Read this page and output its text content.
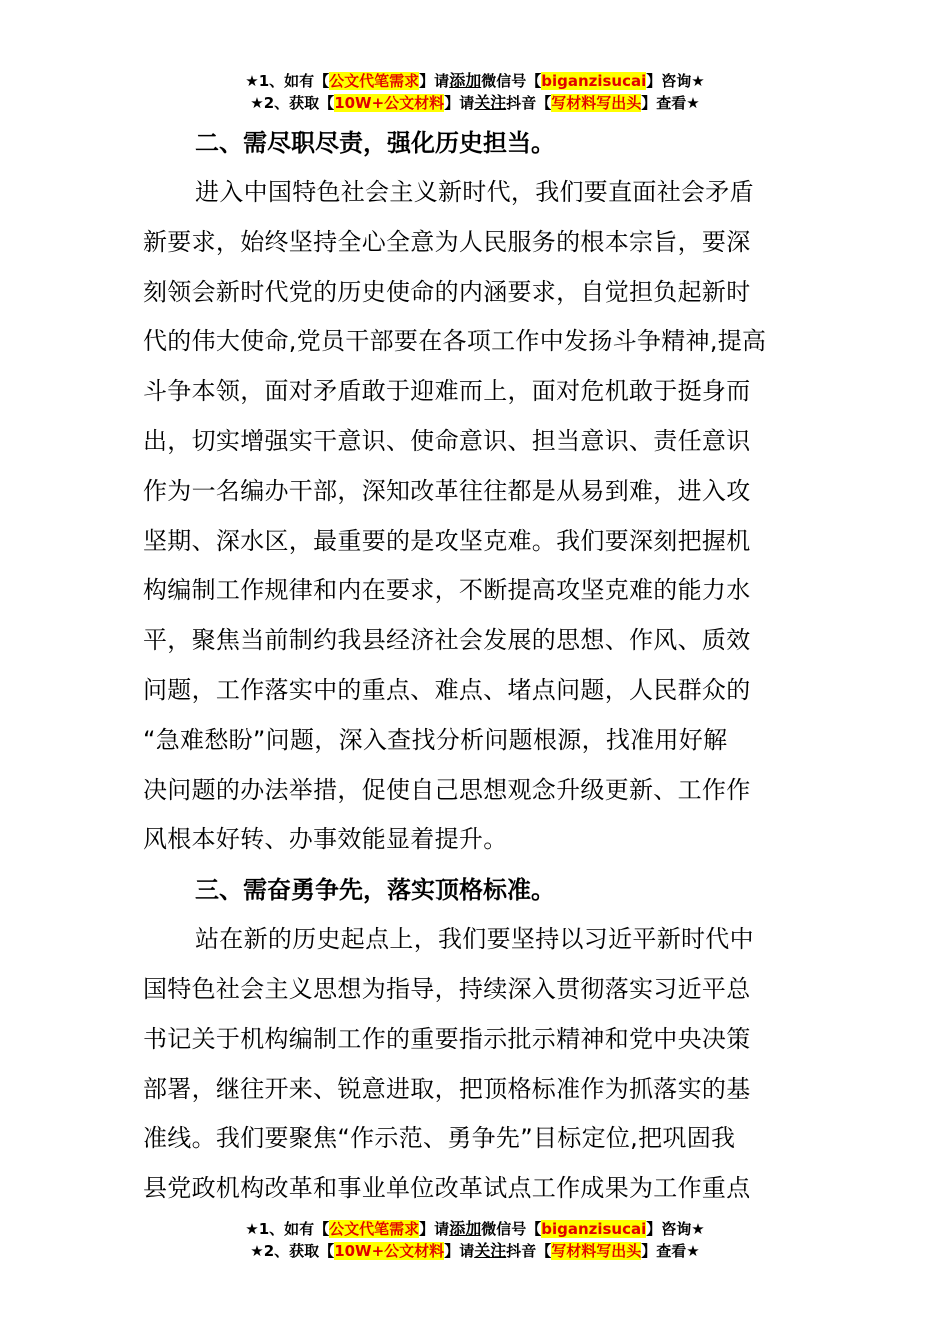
★1、如有【公文代笔需求】请添加微信号【biganzisucai】咨询★
★2、获取【10W+公文材料】请关注抖音【写材料写出头】查看★
二、需尽职尽责，强化历史担当。
进入中国特色社会主义新时代，我们要直面社会矛盾
新要求，始终坚持全心全意为人民服务的根本宗旨，要深
刻领会新时代党的历史使命的内涵要求，自觉担负起新时
代的伟大使命,党员干部要在各项工作中发扬斗争精神,提高
斗争本领，面对矛盾敢于迎难而上，面对危机敢于挺身而
出，切实增强实干意识、使命意识、担当意识、责任意识
作为一名编办干部，深知改革往往都是从易到难，进入攻
坚期、深水区，最重要的是攻坚克难。我们要深刻把握机
构编制工作规律和内在要求，不断提高攻坚克难的能力水
平，聚焦当前制约我县经济社会发展的思想、作风、质效
问题，工作落实中的重点、难点、堵点问题，人民群众的
“急难愁盼”问题，深入查找分析问题根源，找准用好解
决问题的办法举措，促使自己思想观念升级更新、工作作
风根本好转、办事效能显着提升。
三、需奋勇争先，落实顶格标准。
站在新的历史起点上，我们要坚持以习近平新时代中
国特色社会主义思想为指导，持续深入贯彻落实习近平总
书记关于机构编制工作的重要指示批示精神和党中央决策
部署，继往开来、锐意进取，把顶格标准作为抓落实的基
准线。我们要聚焦“作示范、勇争先”目标定位,把巩固我
县党政机构改革和事业单位改革试点工作成果为工作重点
★1、如有【公文代笔需求】请添加微信号【biganzisucai】咨询★
★2、获取【10W+公文材料】请关注抖音【写材料写出头】查看★
